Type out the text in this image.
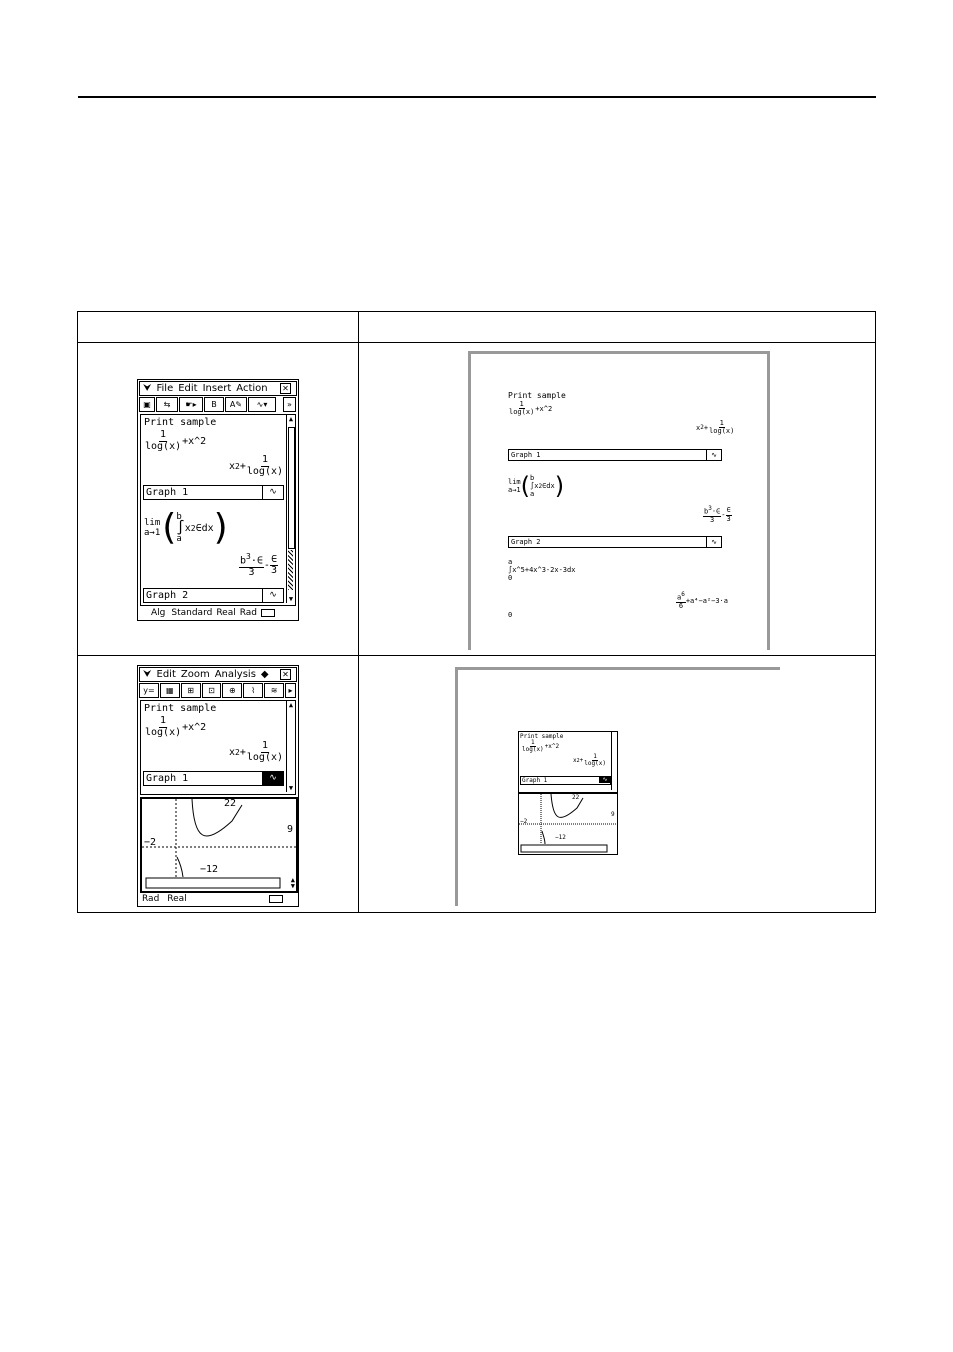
⮟ File Edit Insert Action ✕
▣	⇆	☛▸	B	A✎	∿▾	»
Print sample
$\frac{1}{\log(x)}$ +x^2
x $2 + \frac{1}{\log(x)}$
Graph 1	∿
lim
a→1 ( b
∫
a
x 2 ∈dx )
$\frac{b^3\cdot\in}{3} - \frac{\in}{3}$
Graph 2	∿
▲
▼
Alg Standard Real Rad
Print sample
$\frac{1}{\log(x)}$ +x^2
x $2 + \frac{1}{\log(x)}$
Graph 1	∿
lim
a→1 ( b
∫
a
x 2 ∈dx )
$\frac{b^3\cdot\in}{3} - \frac{\in}{3}$
Graph 2	∿
a
∫
0
x^5+4x^3-2x-3dx
$\frac{a^6}{6} +a^4-a^2-3\cdot a$
0
⮟ Edit Zoom Analysis ◆ ✕
y=	▦	⊞	⊡	⊕	⌇	≋	▸
Print sample
$\frac{1}{\log(x)}$ +x^2
x $2 + \frac{1}{\log(x)}$
Graph 1	∿
▲
▼
22
−2
9
−12
▲
▼
Rad Real
Print sample
$\frac{1}{\log(x)}$ +x^2
x $2 + \frac{1}{\log(x)}$
Graph 1	∿
22
9
−2
−12
